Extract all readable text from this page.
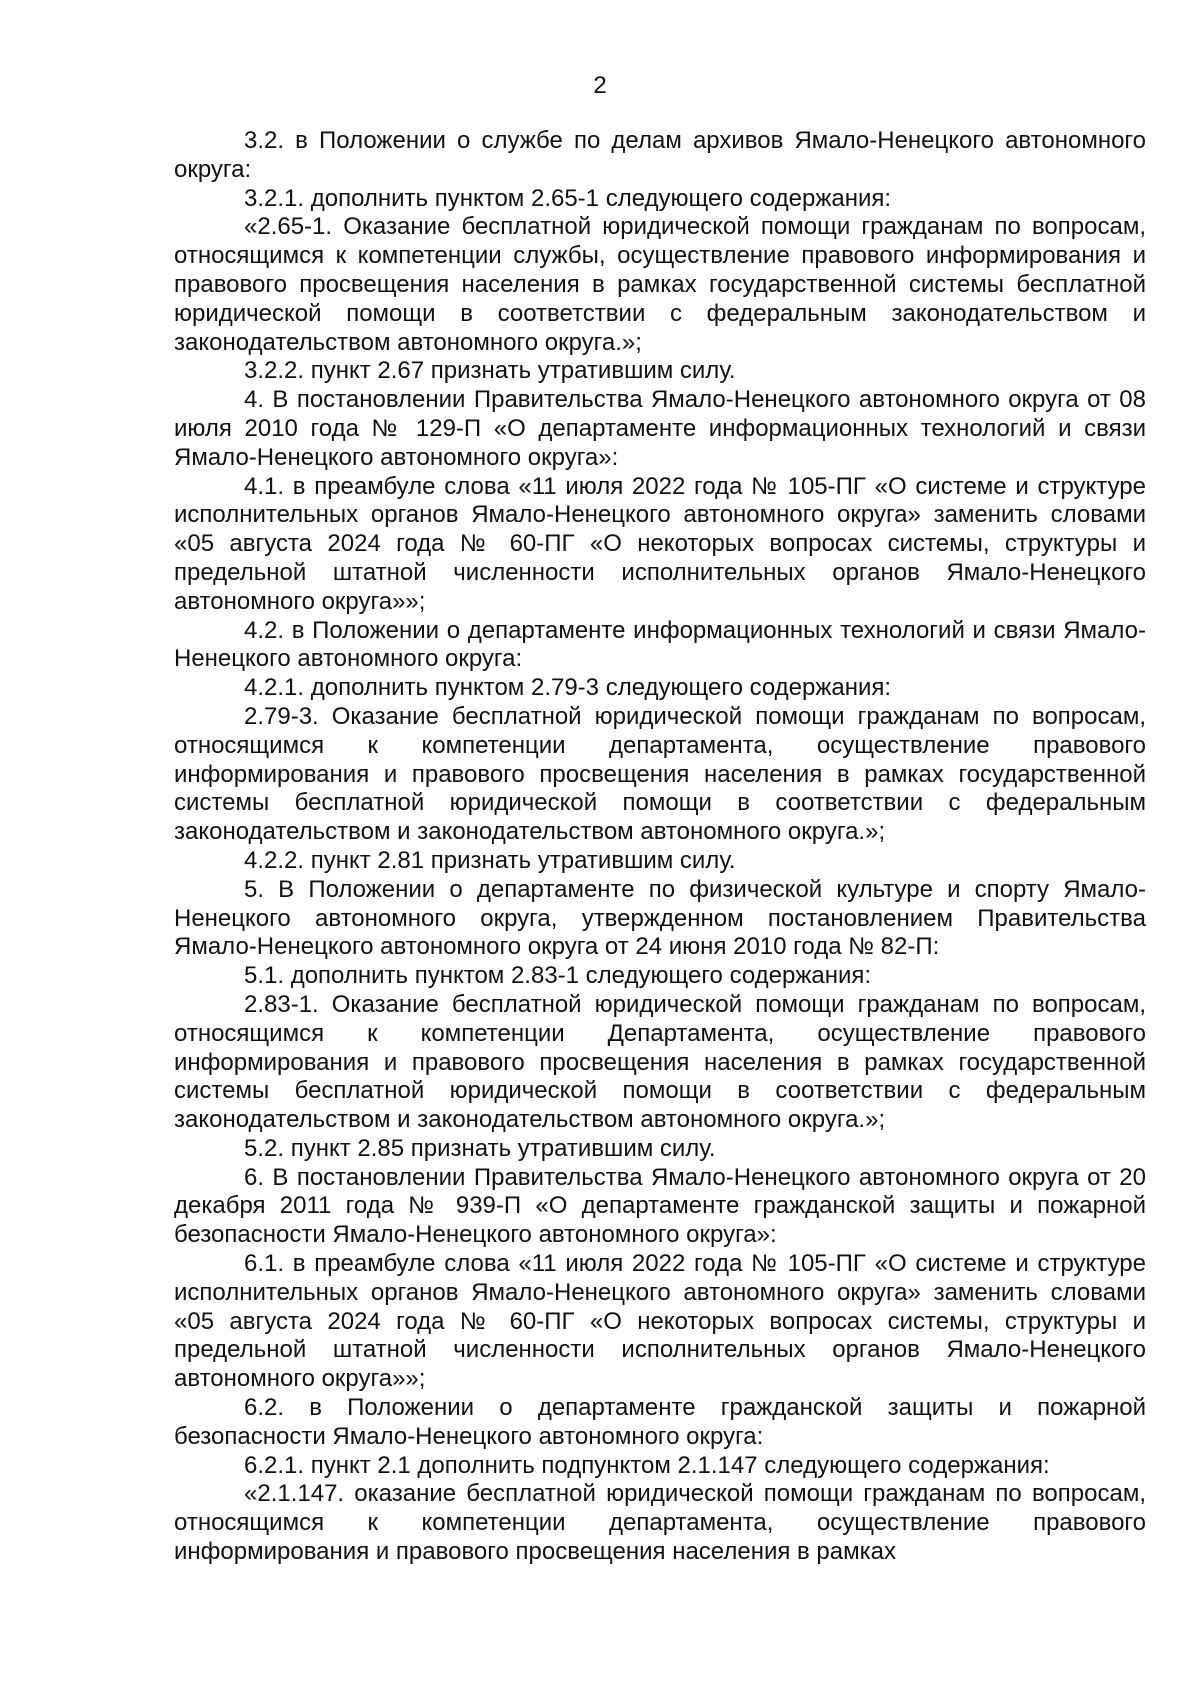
2

3.2. в Положении о службе по делам архивов Ямало-Ненецкого автономного округа:

3.2.1. дополнить пунктом 2.65-1 следующего содержания:

«2.65-1. Оказание бесплатной юридической помощи гражданам по вопросам, относящимся к компетенции службы, осуществление правового информирования и правового просвещения населения в рамках государственной системы бесплатной юридической помощи в соответствии с федеральным законодательством и законодательством автономного округа.»;

3.2.2. пункт 2.67 признать утратившим силу.

4. В постановлении Правительства Ямало-Ненецкого автономного округа от 08 июля 2010 года № 129-П «О департаменте информационных технологий и связи Ямало-Ненецкого автономного округа»:

4.1. в преамбуле слова «11 июля 2022 года № 105-ПГ «О системе и структуре исполнительных органов Ямало-Ненецкого автономного округа» заменить словами «05 августа 2024 года № 60-ПГ «О некоторых вопросах системы, структуры и предельной штатной численности исполнительных органов Ямало-Ненецкого автономного округа»»;

4.2. в Положении о департаменте информационных технологий и связи Ямало-Ненецкого автономного округа:

4.2.1. дополнить пунктом 2.79-3 следующего содержания:

2.79-3. Оказание бесплатной юридической помощи гражданам по вопросам, относящимся к компетенции департамента, осуществление правового информирования и правового просвещения населения в рамках государственной системы бесплатной юридической помощи в соответствии с федеральным законодательством и законодательством автономного округа.»;

4.2.2. пункт 2.81 признать утратившим силу.

5. В Положении о департаменте по физической культуре и спорту Ямало-Ненецкого автономного округа, утвержденном постановлением Правительства Ямало-Ненецкого автономного округа от 24 июня 2010 года № 82-П:

5.1. дополнить пунктом 2.83-1 следующего содержания:

2.83-1. Оказание бесплатной юридической помощи гражданам по вопросам, относящимся к компетенции Департамента, осуществление правового информирования и правового просвещения населения в рамках государственной системы бесплатной юридической помощи в соответствии с федеральным законодательством и законодательством автономного округа.»;

5.2. пункт 2.85 признать утратившим силу.

6. В постановлении Правительства Ямало-Ненецкого автономного округа от 20 декабря 2011 года № 939-П «О департаменте гражданской защиты и пожарной безопасности Ямало-Ненецкого автономного округа»:

6.1. в преамбуле слова «11 июля 2022 года № 105-ПГ «О системе и структуре исполнительных органов Ямало-Ненецкого автономного округа» заменить словами «05 августа 2024 года № 60-ПГ «О некоторых вопросах системы, структуры и предельной штатной численности исполнительных органов Ямало-Ненецкого автономного округа»»;

6.2. в Положении о департаменте гражданской защиты и пожарной безопасности Ямало-Ненецкого автономного округа:

6.2.1. пункт 2.1 дополнить подпунктом 2.1.147 следующего содержания:

«2.1.147. оказание бесплатной юридической помощи гражданам по вопросам, относящимся к компетенции департамента, осуществление правового информирования и правового просвещения населения в рамках
